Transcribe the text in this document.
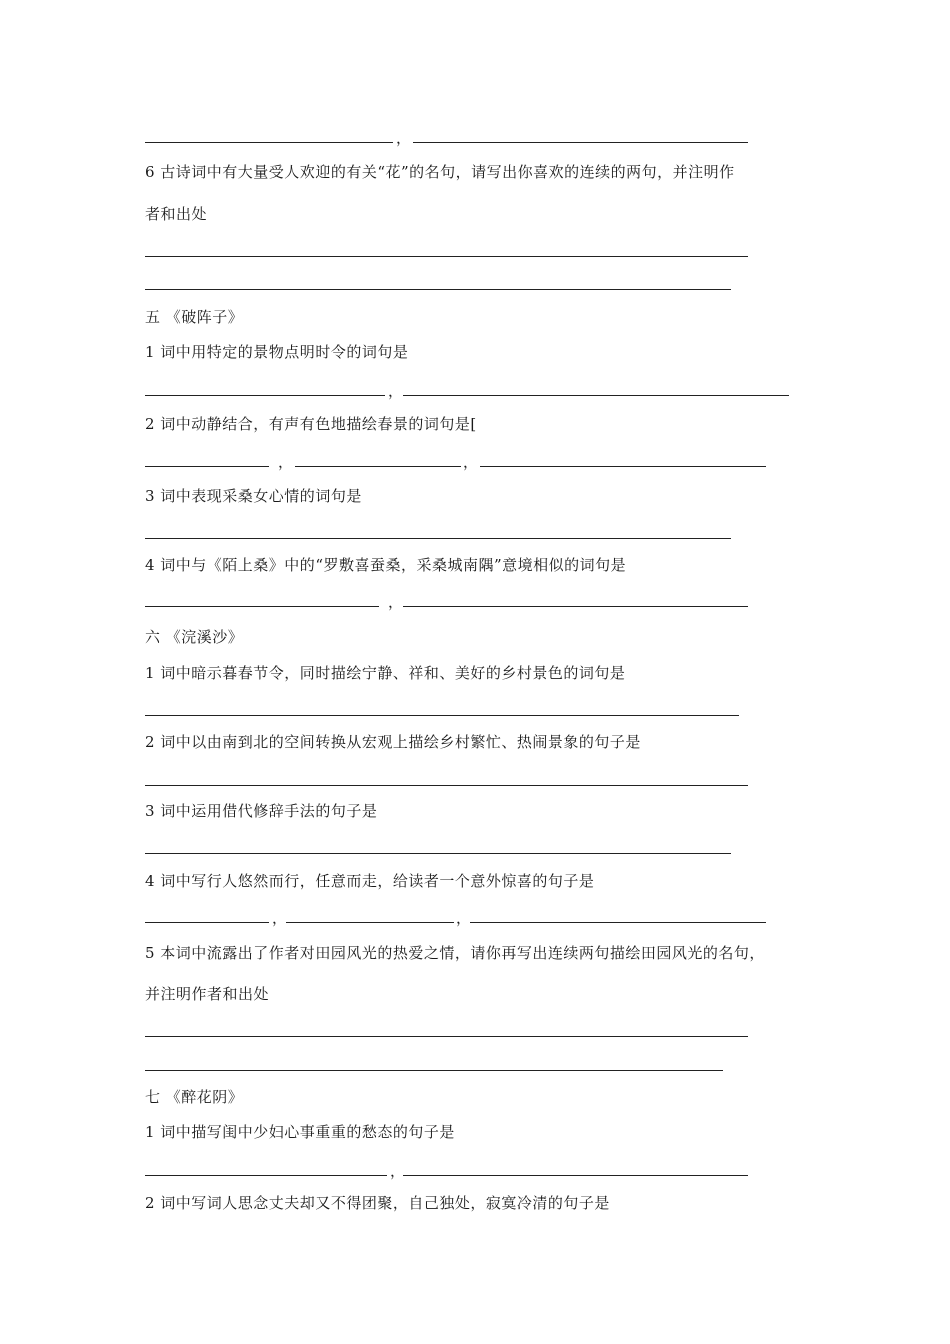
，
6 古诗词中有大量受人欢迎的有关“花”的名句，请写出你喜欢的连续的两句，并注明作
者和出处
五 《破阵子》
1 词中用特定的景物点明时令的词句是
，
2 词中动静结合，有声有色地描绘春景的词句是[
，	，
3 词中表现采桑女心情的词句是
4 词中与《陌上桑》中的“罗敷喜蚕桑，采桑城南隅”意境相似的词句是
，
六 《浣溪沙》
1 词中暗示暮春节令，同时描绘宁静、祥和、美好的乡村景色的词句是
2 词中以由南到北的空间转换从宏观上描绘乡村繁忙、热闹景象的句子是
3 词中运用借代修辞手法的句子是
4 词中写行人悠然而行，任意而走，给读者一个意外惊喜的句子是
，	，
5 本词中流露出了作者对田园风光的热爱之情，请你再写出连续两句描绘田园风光的名句，
并注明作者和出处
七 《醉花阴》
1 词中描写闺中少妇心事重重的愁态的句子是
，
2 词中写词人思念丈夫却又不得团聚，自己独处，寂寞冷清的句子是
